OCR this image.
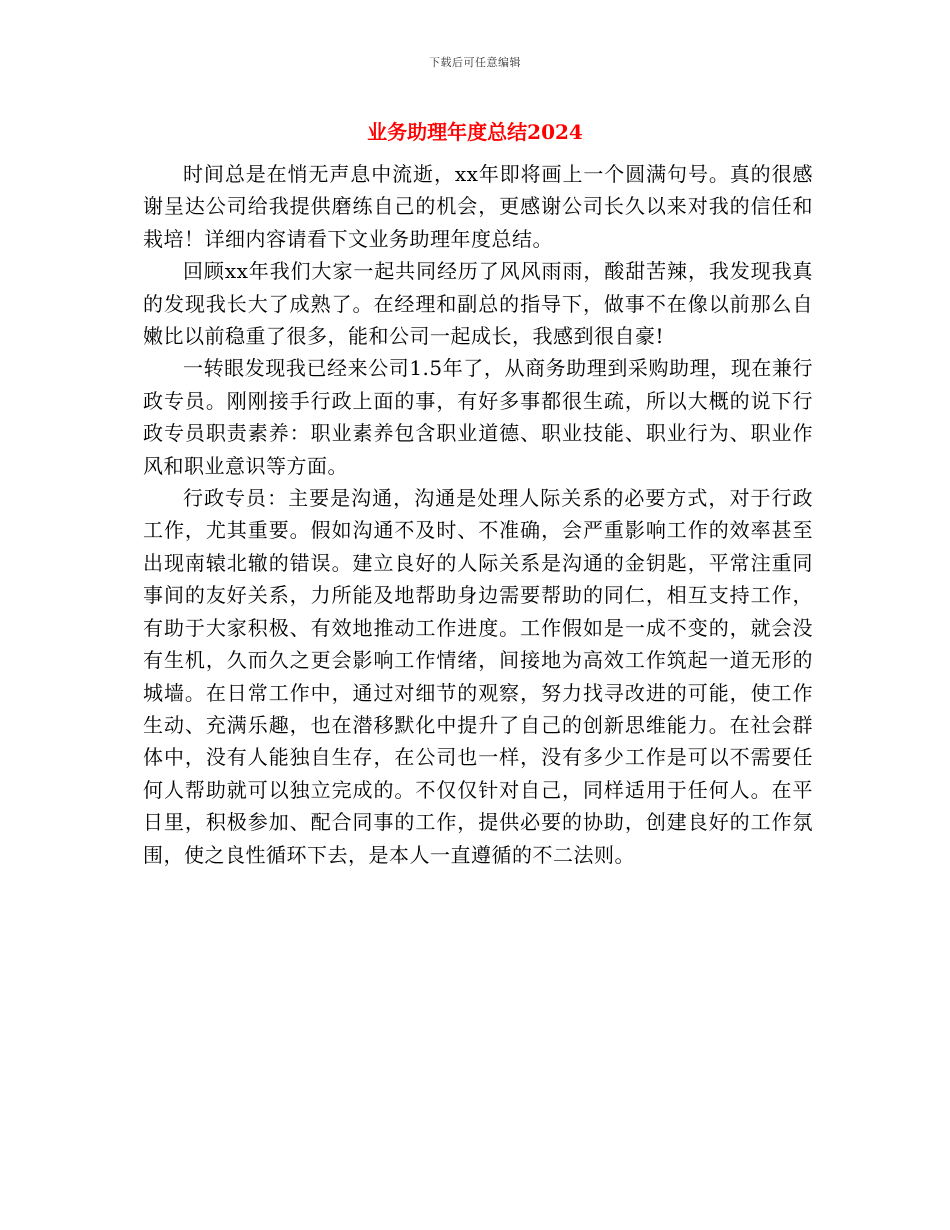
下载后可任意编辑
业务助理年度总结2024

时间总是在悄无声息中流逝，xx年即将画上一个圆满句号。真的很感谢呈达公司给我提供磨练自己的机会，更感谢公司长久以来对我的信任和栽培！详细内容请看下文业务助理年度总结。

回顾xx年我们大家一起共同经历了风风雨雨，酸甜苦辣，我发现我真的发现我长大了成熟了。在经理和副总的指导下，做事不在像以前那么自嫩比以前稳重了很多，能和公司一起成长，我感到很自豪!

一转眼发现我已经来公司1.5年了，从商务助理到采购助理，现在兼行政专员。刚刚接手行政上面的事，有好多事都很生疏，所以大概的说下行政专员职责素养：职业素养包含职业道德、职业技能、职业行为、职业作风和职业意识等方面。

行政专员：主要是沟通，沟通是处理人际关系的必要方式，对于行政工作，尤其重要。假如沟通不及时、不准确，会严重影响工作的效率甚至出现南辕北辙的错误。建立良好的人际关系是沟通的金钥匙，平常注重同事间的友好关系，力所能及地帮助身边需要帮助的同仁，相互支持工作，有助于大家积极、有效地推动工作进度。工作假如是一成不变的，就会没有生机，久而久之更会影响工作情绪，间接地为高效工作筑起一道无形的城墙。在日常工作中，通过对细节的观察，努力找寻改进的可能，使工作生动、充满乐趣，也在潜移默化中提升了自己的创新思维能力。在社会群体中，没有人能独自生存，在公司也一样，没有多少工作是可以不需要任何人帮助就可以独立完成的。不仅仅针对自己，同样适用于任何人。在平日里，积极参加、配合同事的工作，提供必要的协助，创建良好的工作氛围，使之良性循环下去，是本人一直遵循的不二法则。
